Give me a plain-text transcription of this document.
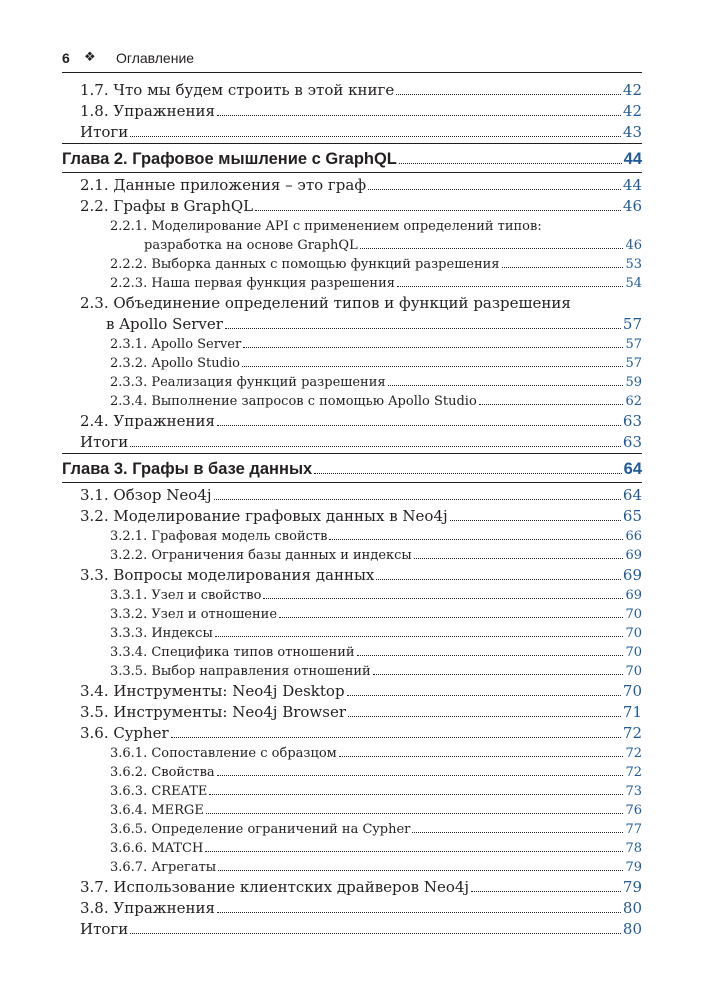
6 ❖ Оглавление
1.7. Что мы будем строить в этой книге	42
1.8. Упражнения	42
Итоги	43
Глава 2. Графовое мышление с GraphQL	44
2.1. Данные приложения – это граф	44
2.2. Графы в GraphQL	46
2.2.1. Моделирование API с применением определений типов:
разработка на основе GraphQL	46
2.2.2. Выборка данных с помощью функций разрешения	53
2.2.3. Наша первая функция разрешения	54
2.3. Объединение определений типов и функций разрешения
в Apollo Server	57
2.3.1. Apollo Server	57
2.3.2. Apollo Studio	57
2.3.3. Реализация функций разрешения	59
2.3.4. Выполнение запросов с помощью Apollo Studio	62
2.4. Упражнения	63
Итоги	63
Глава 3. Графы в базе данных	64
3.1. Обзор Neo4j	64
3.2. Моделирование графовых данных в Neo4j	65
3.2.1. Графовая модель свойств	66
3.2.2. Ограничения базы данных и индексы	69
3.3. Вопросы моделирования данных	69
3.3.1. Узел и свойство	69
3.3.2. Узел и отношение	70
3.3.3. Индексы	70
3.3.4. Специфика типов отношений	70
3.3.5. Выбор направления отношений	70
3.4. Инструменты: Neo4j Desktop	70
3.5. Инструменты: Neo4j Browser	71
3.6. Cypher	72
3.6.1. Сопоставление с образцом	72
3.6.2. Свойства	72
3.6.3. CREATE	73
3.6.4. MERGE	76
3.6.5. Определение ограничений на Cypher	77
3.6.6. MATCH	78
3.6.7. Агрегаты	79
3.7. Использование клиентских драйверов Neo4j	79
3.8. Упражнения	80
Итоги	80
